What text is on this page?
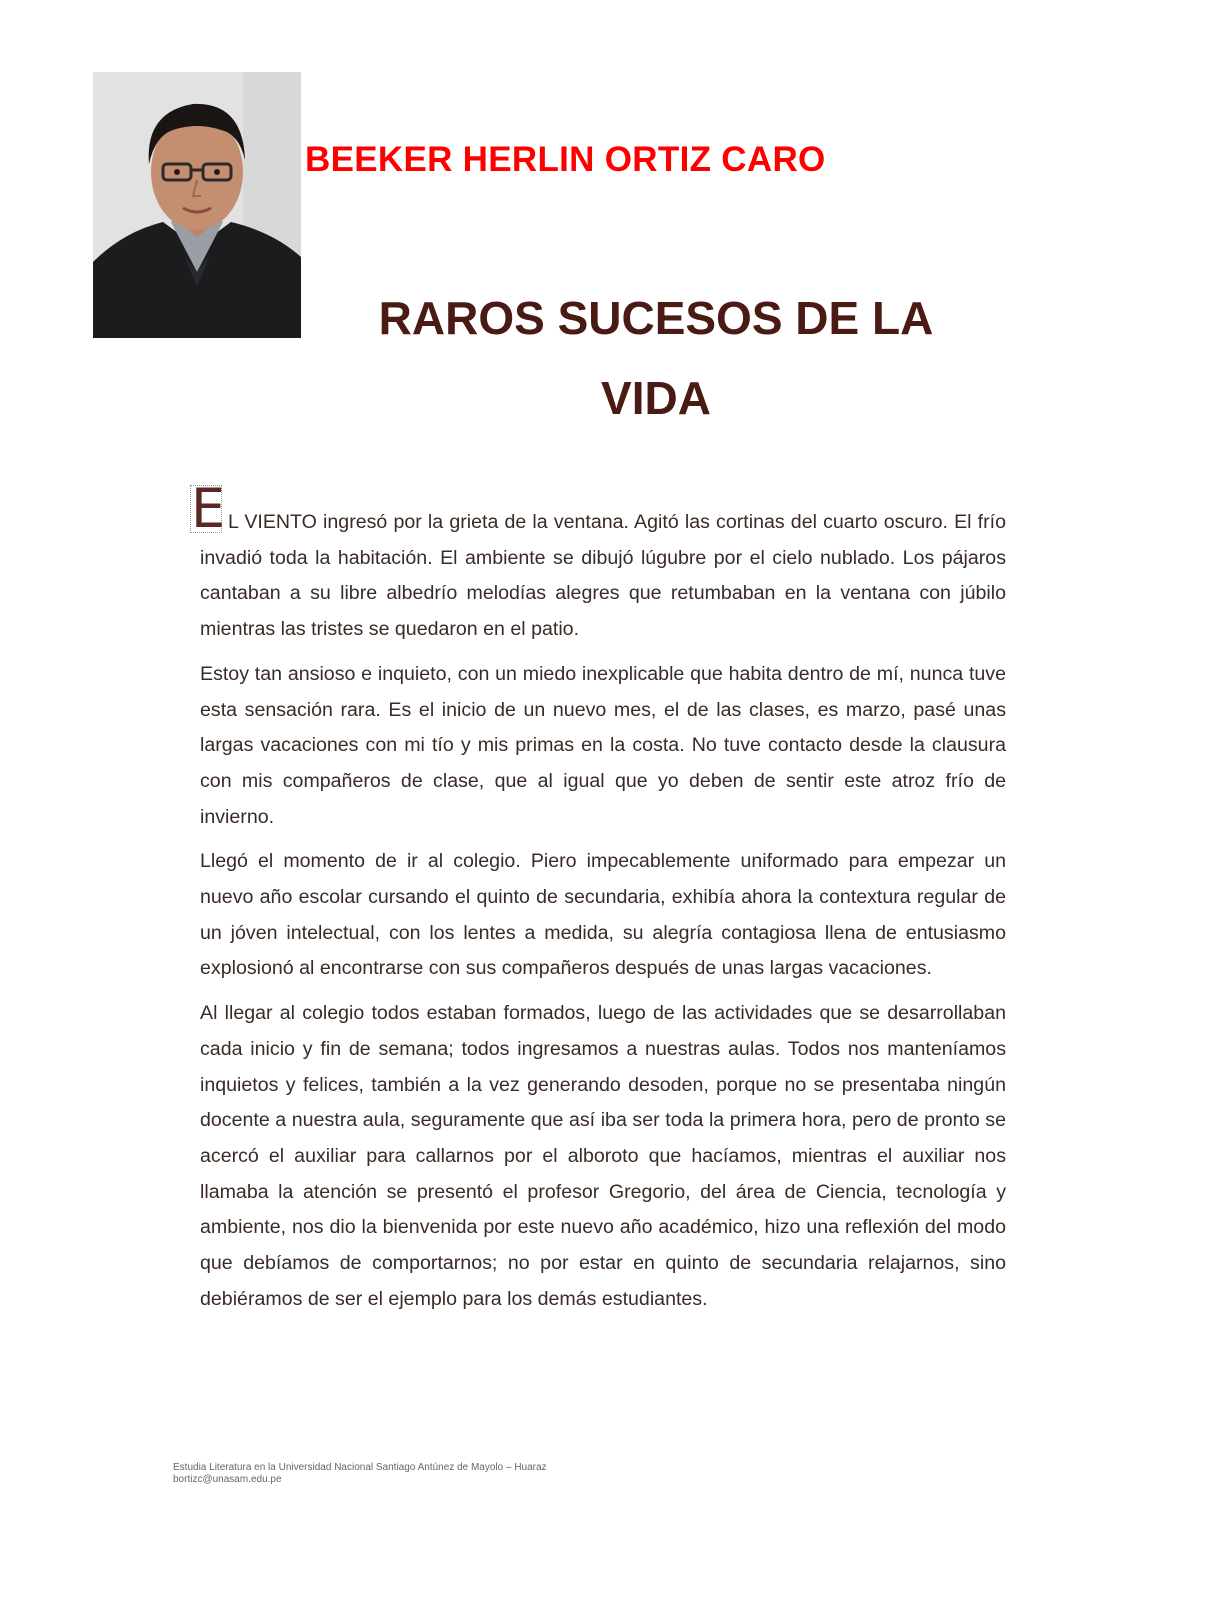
BEEKER HERLIN ORTIZ CARO
RAROS SUCESOS DE LA
VIDA

E L VIENTO ingresó por la grieta de la ventana. Agitó las cortinas del cuarto oscuro. El frío invadió toda la habitación. El ambiente se dibujó lúgubre por el cielo nublado. Los pájaros cantaban a su libre albedrío melodías alegres que retumbaban en la ventana con júbilo mientras las tristes se quedaron en el patio.

Estoy tan ansioso e inquieto, con un miedo inexplicable que habita dentro de mí, nunca tuve esta sensación rara. Es el inicio de un nuevo mes, el de las clases, es marzo, pasé unas largas vacaciones con mi tío y mis primas en la costa. No tuve contacto desde la clausura con mis compañeros de clase, que al igual que yo deben de sentir este atroz frío de invierno.

Llegó el momento de ir al colegio. Piero impecablemente uniformado para empezar un nuevo año escolar cursando el quinto de secundaria, exhibía ahora la contextura regular de un jóven intelectual, con los lentes a medida, su alegría contagiosa llena de entusiasmo explosionó al encontrarse con sus compañeros después de unas largas vacaciones.

Al llegar al colegio todos estaban formados, luego de las actividades que se desarrollaban cada inicio y fin de semana; todos ingresamos a nuestras aulas. Todos nos manteníamos inquietos y felices, también a la vez generando desoden, porque no se presentaba ningún docente a nuestra aula, seguramente que así iba ser toda la primera hora, pero de pronto se acercó el auxiliar para callarnos por el alboroto que hacíamos, mientras el auxiliar nos llamaba la atención se presentó el profesor Gregorio, del área de Ciencia, tecnología y ambiente, nos dio la bienvenida por este nuevo año académico, hizo una reflexión del modo que debíamos de comportarnos; no por estar en quinto de secundaria relajarnos, sino debiéramos de ser el ejemplo para los demás estudiantes.

Estudia Literatura en la Universidad Nacional Santiago Antúnez de Mayolo – Huaraz
bortizc@unasam.edu.pe
